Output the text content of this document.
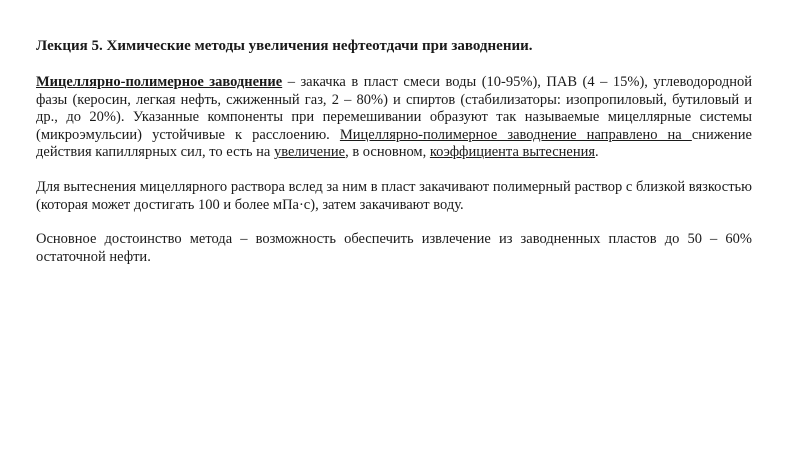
Лекция 5. Химические методы увеличения нефтеотдачи при заводнении.

Мицеллярно-полимерное заводнение – закачка в пласт смеси воды (10-95%), ПАВ (4 – 15%), углеводородной фазы (керосин, легкая нефть, сжиженный газ, 2 – 80%) и спиртов (стабилизаторы: изопропиловый, бутиловый и др., до 20%). Указанные компоненты при перемешивании образуют так называемые мицеллярные системы (микроэмульсии) устойчивые к расслоению. Мицеллярно-полимерное заводнение направлено на снижение действия капиллярных сил, то есть на увеличение, в основном, коэффициента вытеснения.

Для вытеснения мицеллярного раствора вслед за ним в пласт закачивают полимерный раствор с близкой вязкостью (которая может достигать 100 и более мПа·с), затем закачивают воду.

Основное достоинство метода – возможность обеспечить извлечение из заводненных пластов до 50 – 60% остаточной нефти.
